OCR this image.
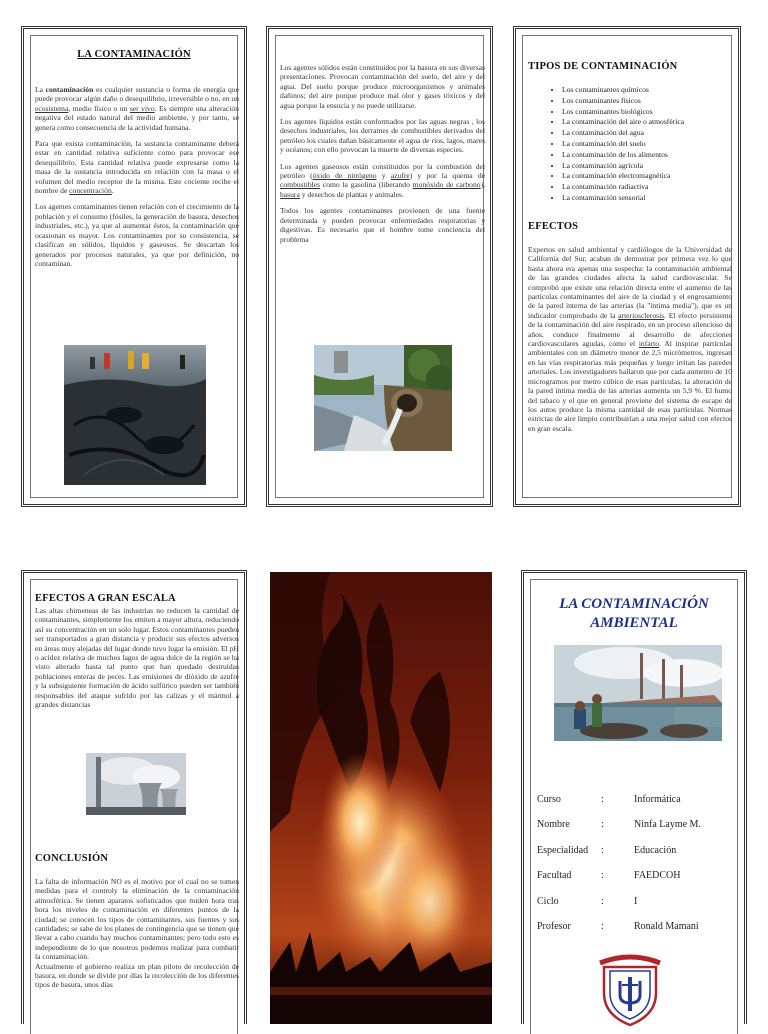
LA CONTAMINACIÓN

La contaminación es cualquier sustancia o forma de energía que puede provocar algún daño o desequilibrio, irreversible o no, en un ecosistema, medio físico o un ser vivo. Es siempre una alteración negativa del estado natural del medio ambiente, y por tanto, se genera como consecuencia de la actividad humana.

Para que exista contaminación, la sustancia contaminante deberá estar en cantidad relativa suficiente como para provocar ese desequilibrio. Esta cantidad relativa puede expresarse como la masa de la sustancia introducida en relación con la masa o el volumen del medio receptor de la misma. Este cociente recibe el nombre de concentración.

Los agentes contaminantes tienen relación con el crecimiento de la población y el consumo (fósiles, la generación de basura, desechos industriales, etc.), ya que al aumentar éstos, la contaminación que ocasionan es mayor. Los contaminantes por su consistencia, se clasifican en sólidos, líquidos y gaseosos. Se descartan los generados por procesos naturales, ya que por definición, no contaminan.

Los agentes sólidos están constituidos por la basura en sus diversas presentaciones. Provocan contaminación del suelo, del aire y del agua. Del suelo porque produce microorganismos y animales dañinos; del aire porque produce mal olor y gases tóxicos y del agua porque la ensucia y no puede utilizarse.

Los agentes líquidos están conformados por las aguas negras , los desechos industriales, los derrames de combustibles derivados del petróleo los cuales dañan básicamente el agua de ríos, lagos, mares y océanos; con ello provocan la muerte de diversas especies.

Los agentes gaseosos están constituidos por la combustión del petróleo (óxido de nitrógeno y azufre) y por la quema de combustibles como la gasolina (liberando monóxido de carbono), basura y desechos de plantas y animales.

Todos los agentes contaminantes provienen de una fuente determinada y pueden provocar enfermedades respiratorias y digestivas. Es necesario que el hombre tome conciencia del problema

TIPOS DE CONTAMINACIÓN
• Los contaminantes químicos
• Los contaminantes físicos
• Los contaminantes biológicos
• La contaminación del aire o atmosférica
• La contaminación del agua
• La contaminación del suelo
• La contaminación de los alimentos
• La contaminación agrícola
• La contaminación electromagnética
• La contaminación radiactiva
• La contaminación sensorial
EFECTOS

Expertos en salud ambiental y cardiólogos de la Universidad de California del Sur, acaban de demostrar por primera vez lo que hasta ahora era apenas una sospecha: la contaminación ambiental de las grandes ciudades afecta la salud cardiovascular. Se comprobó que existe una relación directa entre el aumento de las partículas contaminantes del aire de la ciudad y el engrosamiento de la pared interna de las arterias (la "íntima media"), que es un indicador comprobado de la arteriosclerosis. El efecto persistente de la contaminación del aire respirado, en un proceso silencioso de años, conduce finalmente al desarrollo de afecciones cardiovasculares agudas, como el infarto. Al inspirar partículas ambientales con un diámetro menor de 2,5 micrómetros, ingresan en las vías respiratorias más pequeñas y luego irritan las paredes arteriales. Los investigadores hallaron que por cada aumento de 10 microgramos por metro cúbico de esas partículas, la alteración de la pared íntima media de las arterias aumenta un 5,9 %. El humo del tabaco y el que en general proviene del sistema de escape de los autos produce la misma cantidad de esas partículas. Normas estrictas de aire limpio contribuirían a una mejor salud con efectos en gran escala.

EFECTOS A GRAN ESCALA
Las altas chimeneas de las industrias no reducen la cantidad de contaminantes, simplemente los emiten a mayor altura, reduciendo así su concentración en un solo lugar. Estos contaminantes pueden ser transportados a gran distancia y producir sus efectos adversos en áreas muy alejadas del lugar donde tuvo lugar la emisión. El pH o acidez relativa de muchos lagos de agua dulce de la región se ha visto alterado hasta tal punto que han quedado destruidas poblaciones enteras de peces. Las emisiones de dióxido de azufre y la subsiguiente formación de ácido sulfúrico pueden ser también responsables del ataque sufrido por las calizas y el mármol a grandes distancias
CONCLUSIÓN

La falta de información NO es el motivo por el cual no se tomen medidas para el controly la eliminación de la contaminación atmosférica. Se tienen aparatos sofisticados que miden hora tras hora los niveles de contaminación en diferentes puntos de la ciudad; se conocen los tipos de contaminantes, sus fuentes y sus cantidades; se sabe de los planes de contingencia que se tienen que llevar a cabo cuando hay muchos contaminantes; pero todo esto es independiente de lo que nosotros podemos realizar para combatir la contaminación.

Actualmente el gobierno realiza un plan piloto de recolección de basura, en donde se divide por días la recolección de los diferentes tipos de basura, unos días

LA CONTAMINACIÓN
AMBIENTAL
Curso	:	Informática
Nombre	:	Ninfa Layme M.
Especialidad :	Educación
Facultad	:	FAEDCOH
Ciclo	:	I
Profesor	:	Ronald Mamani
